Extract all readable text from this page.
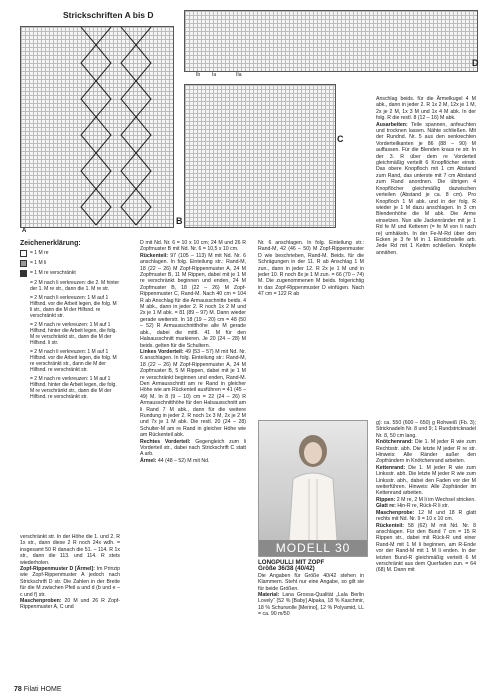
Strickschriften A bis D
B
A
D
Ib Ia	IIa
C
Zeichenerklärung:
= 1 M re
= 1 M li
= 1 M re verschränkt
= 2 M nach li verkreuzen: die 2. M hinter der 1. M re str., dann die 1. M re str.
= 2 M nach li verkreuzen: 1 M auf 1 Hilfsnd. vor die Arbeit legen, die folg. M li str., dann die M der Hilfsnd. re verschränkt str.
= 2 M nach re verkreuzen: 1 M auf 1 Hilfsnd. hinter die Arbeit legen, die folg. M re verschränkt str., dann die M der Hilfsnd. li str.
= 2 M nach li verkreuzen: 1 M auf 1 Hilfsnd. vor die Arbeit legen, die folg. M re verschränkt str., dann die M der Hilfsnd. re verschränkt str.
= 2 M nach re verkreuzen: 1 M auf 1 Hilfsnd. hinter die Arbeit legen, die folg. M re verschränkt str., dann die M der Hilfsnd. re verschränkt str.
verschränkt str. In der Höhe die 1. und 2. R 1x str., dann diese 2 R noch 24x wdh. = insgesamt 50 R danach die 51. – 114. R 1x str., dann die 113. und 114. R stets wiederholen.
Zopf-Rippenmuster D [Ärmel]: Im Prinzip wie Zopf-Rippenmuster A jedoch nach Strickschrift D str. Die Zahlen in der Breite für die M zwischen Pfeil a und d (b und e – c und f) str.
Maschenproben: 20 M und 26 R Zopf-Rippenmuster A, C und
D mit Nd. Nr. 6 = 10 x 10 cm; 24 M und 26 R Zopfmuster B mit Nd. Nr. 6 = 10,5 x 10 cm.
Rückenteil: 97 (105 – 113) M mit Nd. Nr. 6 anschlagen. In folg. Einteilung str.: Rand-M, 18 (22 – 26) M Zopf-Rippenmuster A, 24 M Zopfmuster B, 11 M Rippen, dabei mit je 1 M re verschränkt beginnen und enden, 24 M Zopfmuster B, 18 (22 – 26) M Zopf-Rippenmuster C, Rand-M. Nach 40 cm = 104 R ab Anschlag für die Armausschnitte beids. 4 M abk., dann in jeder 2. R noch 1x 2 M und 2x je 1 M abk. = 81 (89 – 97) M. Dann wieder gerade weiterstr. In 18 (19 – 20) cm = 48 (50 – 52) R Armausschnitthöhe alle M gerade abk., dabei die mittl. 41 M für den Halsausschnitt markieren. Je 20 (24 – 28) M beids. gelten für die Schultern.
Linkes Vorderteil: 49 (53 – 57) M mit Nd. Nr. 6 anschlagen. In folg. Einteilung str.: Rand-M, 18 (22 – 26) M Zopf-Rippenmuster A, 24 M Zopfmuster B, 5 M Rippen, dabei mit je 1 M re verschränkt beginnen und enden, Rand-M. Den Armausschnitt am re Rand in gleicher Höhe wie am Rückenteil ausführen = 41 (45 – 49) M. In 8 (9 – 10) cm = 22 (24 – 26) R Armausschnitthöhe für den Halsausschnitt am li Rand 7 M abk., dann für die weitere Rundung in jeder 2. R noch 1x 3 M, 2x je 2 M und 7x je 1 M abk. Die restl. 20 (24 – 28) Schulter-M am re Rand in gleicher Höhe wie am Rückenteil abk.
Rechtes Vorderteil: Gegengleich zum li Vorderteil str., dabei nach Strickschrift C statt A arb.
Ärmel: 44 (48 – 52) M mit Nd.
Nr. 6 anschlagen. In folg. Einteilung str.: Rand-M, 42 (46 – 50) M Zopf-Rippenmuster D wie beschrieben, Rand-M. Beids. für die Schrägungen in der 11. R ab Anschlag 1 M zun., dann in jeder 12. R 2x je 1 M und in jeder 10. R noch 8x je 1 M zun. = 66 (70 – 74) M. Die zugenommenen M beids. folgerichtig in das Zopf-Rippenmuster D einfügen. Nach 47 cm = 122 R ab
Anschlag beids. für die Ärmelkugel 4 M abk., dann in jeder 2. R 1x 2 M, 12x je 1 M, 2x je 2 M, 1x 3 M und 1x 4 M abk. In der folg. R die restl. 8 (12 – 16) M abk.
Ausarbeiten: Teile spannen, anfeuchten und trocknen lassen. Nähte schließen. Mit der Rundnd. Nr. 5 aus den senkrechten Vorderteilkanten je 86 (88 – 90) M auffassen. Für die Blenden kraus re str. In der 3. R über dem re Vorderteil gleichmäßig verteilt 6 Knopflöcher einstr. Das obere Knopfloch mit 1 cm Abstand zum Rand, das unterste mit 7 cm Abstand zum Rand anordnen. Die übrigen 4 Knopflöcher gleichmäßig dazwischen verteilen (Abstand je ca. 8 cm). Pro Knopfloch 1 M abk. und in der folg. R wieder je 1 M dazu anschlagen. In 3 cm Blendenhöhe die M abk. Die Arme einsetzen. Nun alle Jackenränder mit je 1 Rd fe M und Kettenm (= fe M von li nach re) umhäkeln. In der Fe-M-Rd über den Ecken je 3 fe M in 1 Einstichstelle arb. Jede Rd mit 1 Kettm schließen. Knöpfe annähen.
MODELL 30
LONGPULLI MIT ZOPF
Größe 36/38 (40/42)
Die Angaben für Größe 40/42 stehen in Klammern. Steht nur eine Angabe, so gilt sie für beide Größen.
Material: Lana Grossa-Qualität „Lala Berlin Lovely“ (52 % [Baby] Alpaka, 18 % Kaschmir, 18 % Schurwolle [Merino], 12 % Polyamid, LL = ca. 90 m/50
g): ca. 550 (600 – 650) g Rohweiß (Fb. 3); Stricknadeln Nr. 8 und 9; 1 Rundstricknadel Nr. 8, 50 cm lang.
Knötchenrand: Die 1. M jeder R wie zum Rechtsstr. abh. Die letzte M jeder R re str. Hinweis: Alle Ränder außer den Zopfrändern in Knötchenrand arbeiten.
Kettenrand: Die 1. M jeder R wie zum Linksstr. abh. Die letzte M jeder R wie zum Linksstr. abh., dabei den Faden vor der M weiterführen. Hinweis: Alle Zopfränder im Kettenrand arbeiten.
Rippen: 2 M re, 2 M li im Wechsel stricken.
Glatt re: Hin-R re, Rück-R li str.
Maschenprobe: 12 M und 18 R glatt rechts mit Nd. Nr. 9 = 10 x 10 cm.
Rückenteil: 58 (62) M mit Nd. Nr. 8 anschlagen. Für den Bund 7 cm = 15 R Rippen str., dabei mit Rück-R und einer Rand-M mit 1 M li beginnen, am R-Ende vor der Rand-M mit 1 M li enden. In der letzten Bund-R gleichmäßig verteilt 6 M verschränkt aus dem Querfaden zun. = 64 (68) M. Dann mit
78 Filati HOME
